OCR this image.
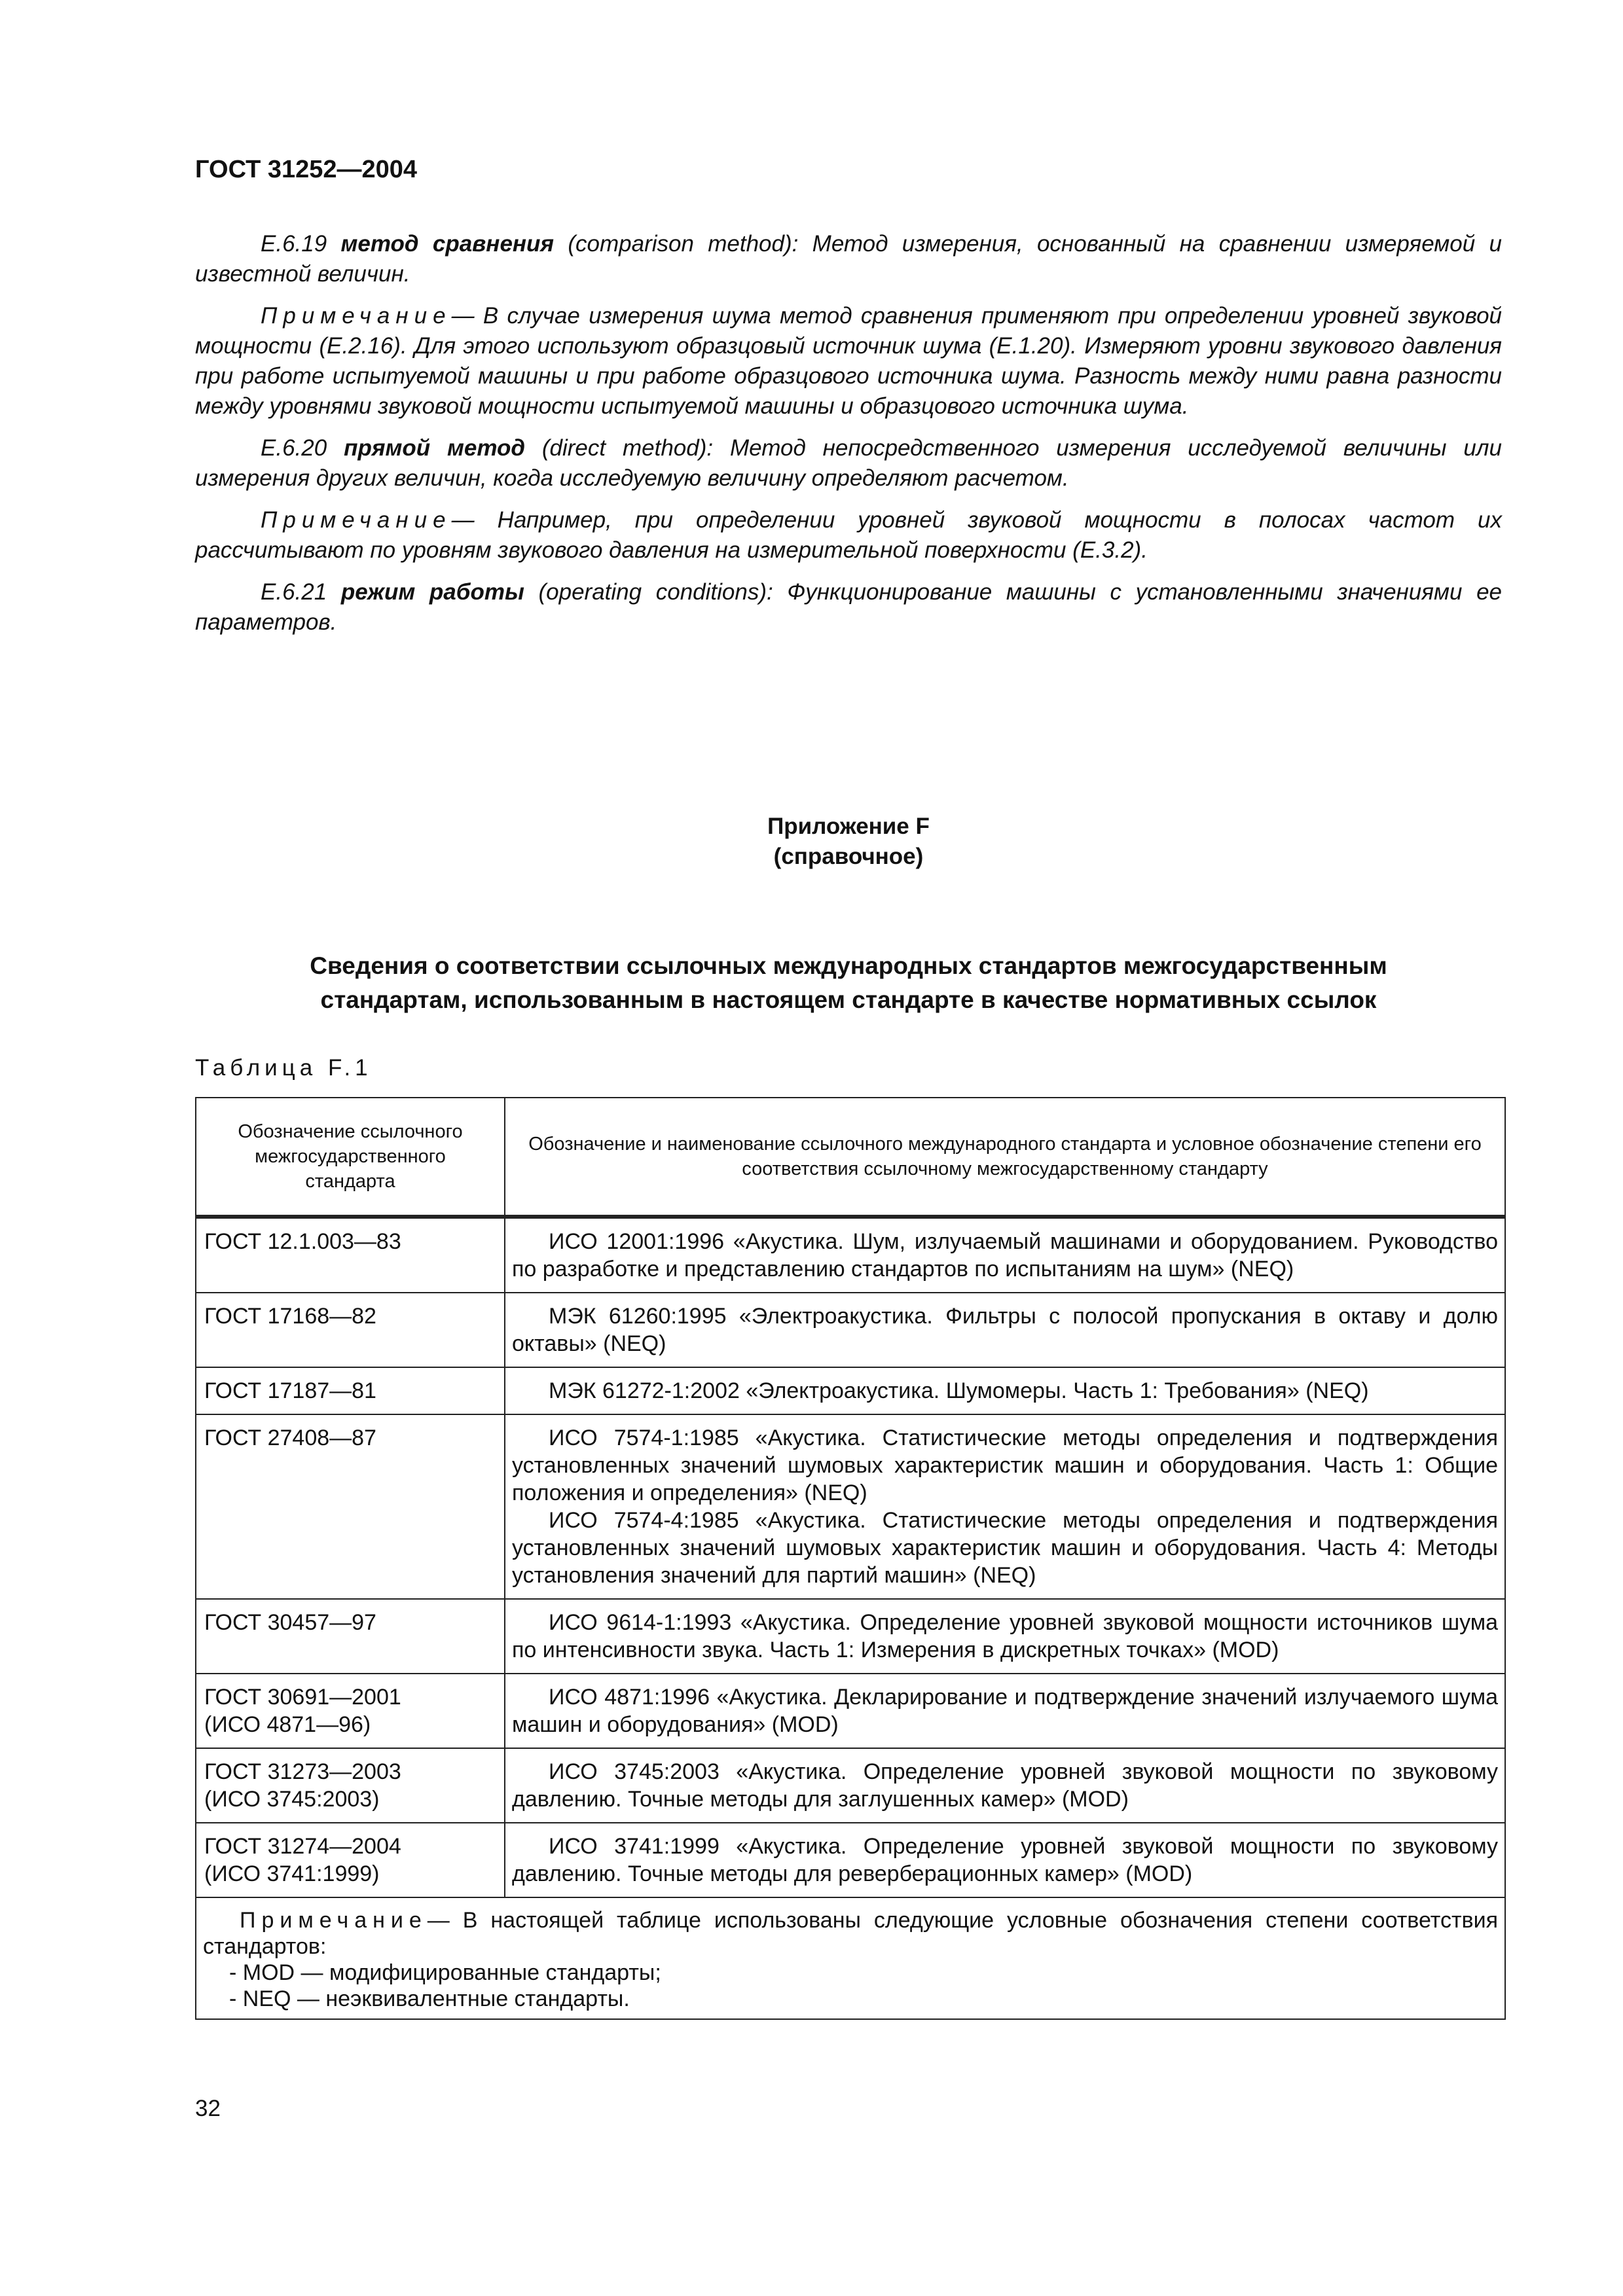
ГОСТ 31252—2004

Е.6.19 метод сравнения (comparison method): Метод измерения, основанный на сравнении измеряемой и известной величин.

Примечание— В случае измерения шума метод сравнения применяют при определении уровней звуковой мощности (Е.2.16). Для этого используют образцовый источник шума (Е.1.20). Измеряют уровни звукового давления при работе испытуемой машины и при работе образцового источника шума. Разность между ними равна разности между уровнями звуковой мощности испытуемой машины и образцового источника шума.

Е.6.20 прямой метод (direct method): Метод непосредственного измерения исследуемой величины или измерения других величин, когда исследуемую величину определяют расчетом.

Примечание— Например, при определении уровней звуковой мощности в полосах частот их рассчитывают по уровням звукового давления на измерительной поверхности (Е.3.2).

Е.6.21 режим работы (operating conditions): Функционирование машины с установленными значениями ее параметров.

Приложение F
(справочное)
Сведения о соответствии ссылочных международных стандартов межгосударственным
стандартам, использованным в настоящем стандарте в качестве нормативных ссылок

Таблица F.1

Обозначение ссылочного межгосударственного стандарта	Обозначение и наименование ссылочного международного стандарта и условное обозначение степени его соответствия ссылочному межгосударственному стандарту

ГОСТ 12.1.003—83	ИСО 12001:1996 «Акустика. Шум, излучаемый машинами и оборудованием. Руководство по разработке и представлению стандартов по испытаниям на шум» (NEQ)

ГОСТ 17168—82	МЭК 61260:1995 «Электроакустика. Фильтры с полосой пропускания в октаву и долю октавы» (NEQ)

ГОСТ 17187—81	МЭК 61272-1:2002 «Электроакустика. Шумомеры. Часть 1: Требования» (NEQ)

ГОСТ 27408—87	ИСО 7574-1:1985 «Акустика. Статистические методы определения и подтверждения установленных значений шумовых характеристик машин и оборудования. Часть 1: Общие положения и определения» (NEQ)

ИСО 7574-4:1985 «Акустика. Статистические методы определения и подтверждения установленных значений шумовых характеристик машин и оборудования. Часть 4: Методы установления значений для партий машин» (NEQ)

ГОСТ 30457—97	ИСО 9614-1:1993 «Акустика. Определение уровней звуковой мощности источников шума по интенсивности звука. Часть 1: Измерения в дискретных точках» (MOD)

ГОСТ 30691—2001
(ИСО 4871—96)	ИСО 4871:1996 «Акустика. Декларирование и подтверждение значений излучаемого шума машин и оборудования» (MOD)

ГОСТ 31273—2003
(ИСО 3745:2003)	ИСО 3745:2003 «Акустика. Определение уровней звуковой мощности по звуковому давлению. Точные методы для заглушенных камер» (MOD)

ГОСТ 31274—2004
(ИСО 3741:1999)	ИСО 3741:1999 «Акустика. Определение уровней звуковой мощности по звуковому давлению. Точные методы для реверберационных камер» (MOD)

Примечание— В настоящей таблице использованы следующие условные обозначения степени соответствия стандартов:

- MOD — модифицированные стандарты;

- NEQ — неэквивалентные стандарты.	

32
